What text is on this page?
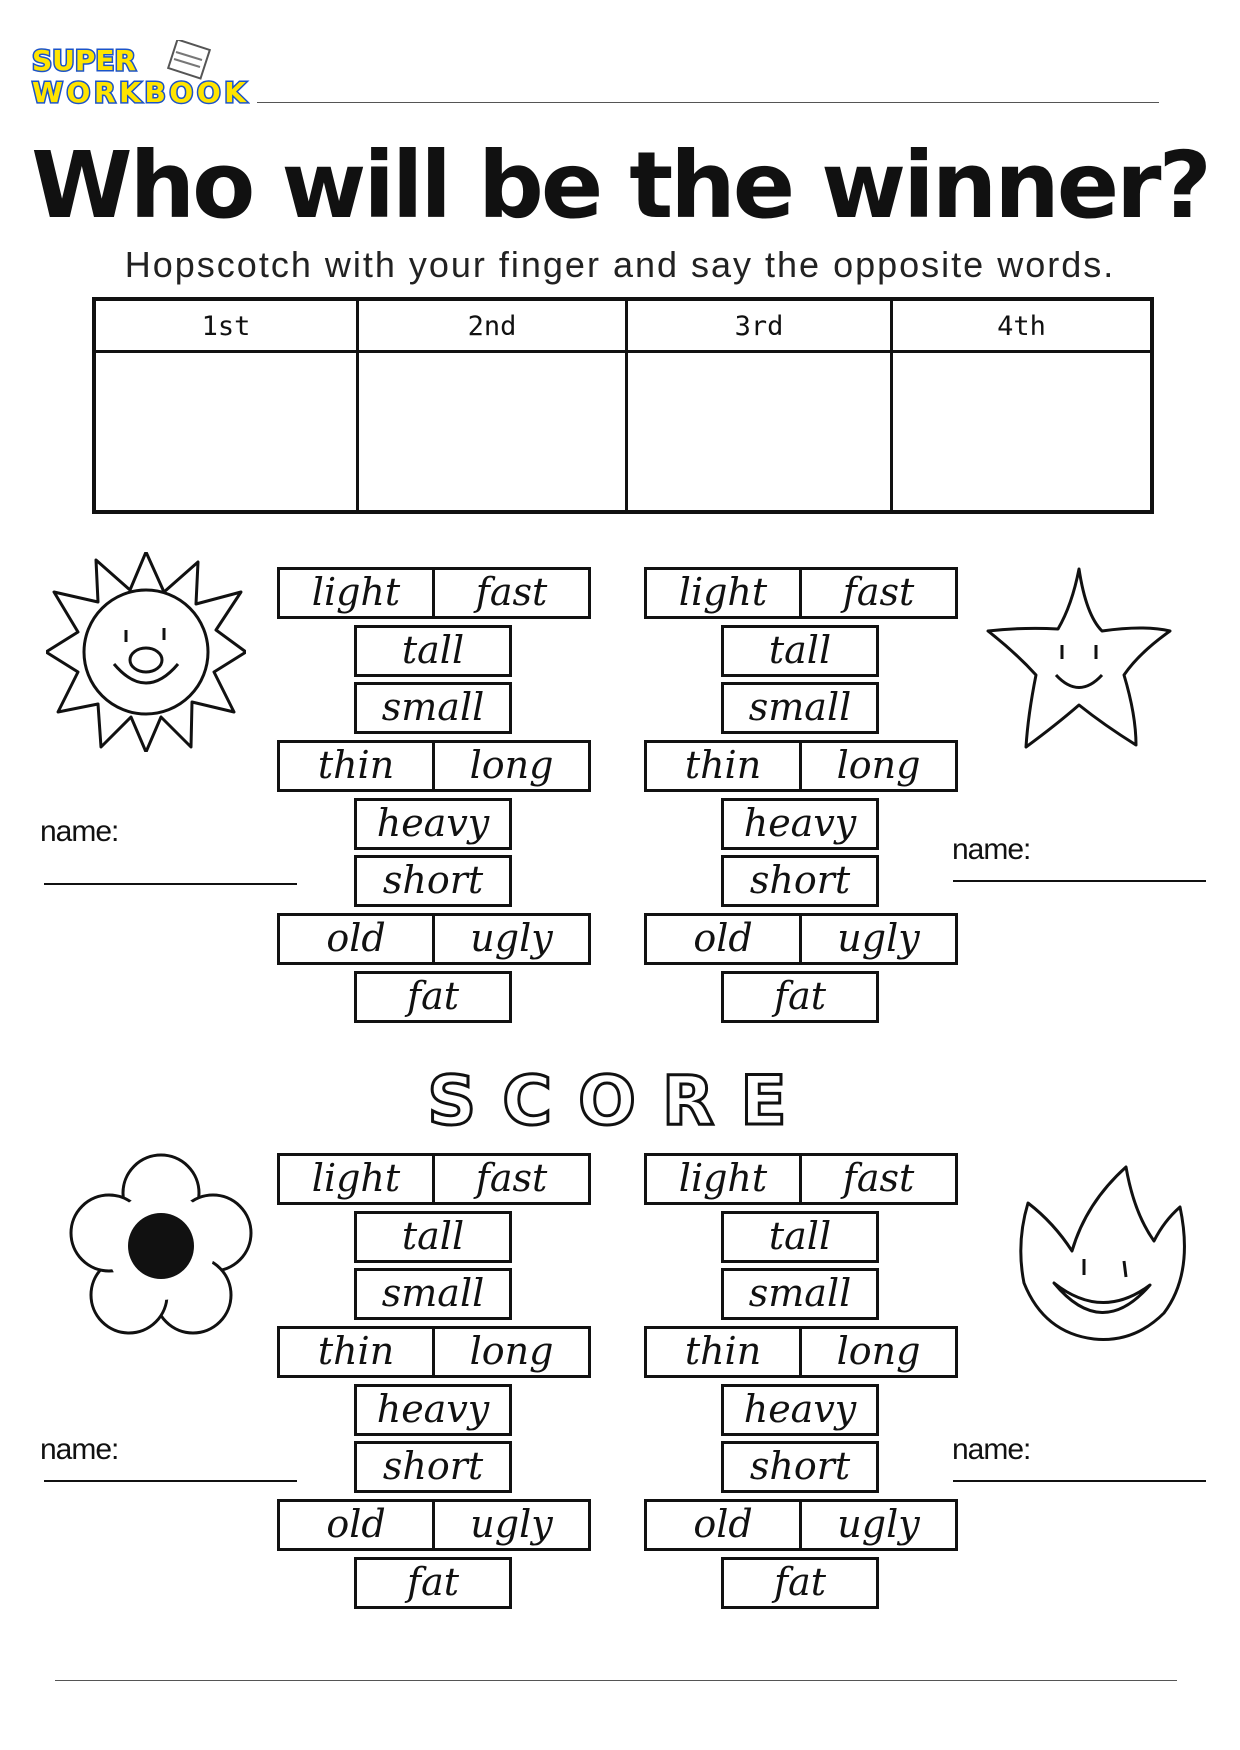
SUPER
WORKBOOK
Who will be the winner?
Hopscotch with your finger and say the opposite words.
1st	2nd	3rd	4th
light	fast
tall
small
thin	long
heavy
short
old	ugly
fat
light	fast
tall
small
thin	long
heavy
short
old	ugly
fat
light	fast
tall
small
thin	long
heavy
short
old	ugly
fat
light	fast
tall
small
thin	long
heavy
short
old	ugly
fat
name:
name:
name:	name:
SCORE
